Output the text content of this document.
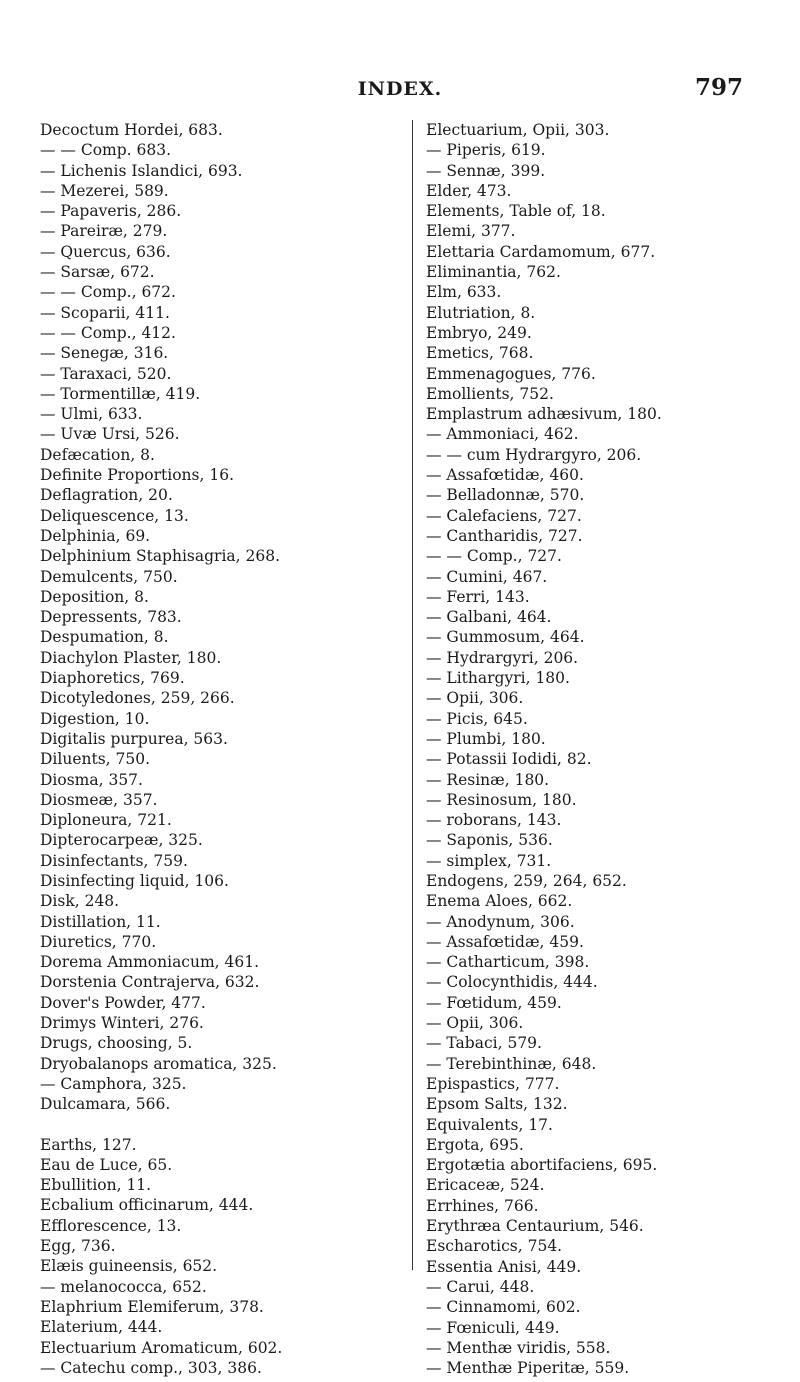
INDEX.	797
Decoctum Hordei, 683.
— — Comp. 683.
— Lichenis Islandici, 693.
— Mezerei, 589.
— Papaveris, 286.
— Pareiræ, 279.
— Quercus, 636.
— Sarsæ, 672.
— — Comp., 672.
— Scoparii, 411.
— — Comp., 412.
— Senegæ, 316.
— Taraxaci, 520.
— Tormentillæ, 419.
— Ulmi, 633.
— Uvæ Ursi, 526.
Defæcation, 8.
Definite Proportions, 16.
Deflagration, 20.
Deliquescence, 13.
Delphinia, 69.
Delphinium Staphisagria, 268.
Demulcents, 750.
Deposition, 8.
Depressents, 783.
Despumation, 8.
Diachylon Plaster, 180.
Diaphoretics, 769.
Dicotyledones, 259, 266.
Digestion, 10.
Digitalis purpurea, 563.
Diluents, 750.
Diosma, 357.
Diosmeæ, 357.
Diploneura, 721.
Dipterocarpeæ, 325.
Disinfectants, 759.
Disinfecting liquid, 106.
Disk, 248.
Distillation, 11.
Diuretics, 770.
Dorema Ammoniacum, 461.
Dorstenia Contrajerva, 632.
Dover's Powder, 477.
Drimys Winteri, 276.
Drugs, choosing, 5.
Dryobalanops aromatica, 325.
— Camphora, 325.
Dulcamara, 566.
Earths, 127.
Eau de Luce, 65.
Ebullition, 11.
Ecbalium officinarum, 444.
Efflorescence, 13.
Egg, 736.
Elæis guineensis, 652.
— melanococca, 652.
Elaphrium Elemiferum, 378.
Elaterium, 444.
Electuarium Aromaticum, 602.
— Catechu comp., 303, 386.
Electuarium, Opii, 303.
— Piperis, 619.
— Sennæ, 399.
Elder, 473.
Elements, Table of, 18.
Elemi, 377.
Elettaria Cardamomum, 677.
Eliminantia, 762.
Elm, 633.
Elutriation, 8.
Embryo, 249.
Emetics, 768.
Emmenagogues, 776.
Emollients, 752.
Emplastrum adhæsivum, 180.
— Ammoniaci, 462.
— — cum Hydrargyro, 206.
— Assafœtidæ, 460.
— Belladonnæ, 570.
— Calefaciens, 727.
— Cantharidis, 727.
— — Comp., 727.
— Cumini, 467.
— Ferri, 143.
— Galbani, 464.
— Gummosum, 464.
— Hydrargyri, 206.
— Lithargyri, 180.
— Opii, 306.
— Picis, 645.
— Plumbi, 180.
— Potassii Iodidi, 82.
— Resinæ, 180.
— Resinosum, 180.
— roborans, 143.
— Saponis, 536.
— simplex, 731.
Endogens, 259, 264, 652.
Enema Aloes, 662.
— Anodynum, 306.
— Assafœtidæ, 459.
— Catharticum, 398.
— Colocynthidis, 444.
— Fœtidum, 459.
— Opii, 306.
— Tabaci, 579.
— Terebinthinæ, 648.
Epispastics, 777.
Epsom Salts, 132.
Equivalents, 17.
Ergota, 695.
Ergotætia abortifaciens, 695.
Ericaceæ, 524.
Errhines, 766.
Erythræa Centaurium, 546.
Escharotics, 754.
Essentia Anisi, 449.
— Carui, 448.
— Cinnamomi, 602.
— Fœniculi, 449.
— Menthæ viridis, 558.
— Menthæ Piperitæ, 559.
